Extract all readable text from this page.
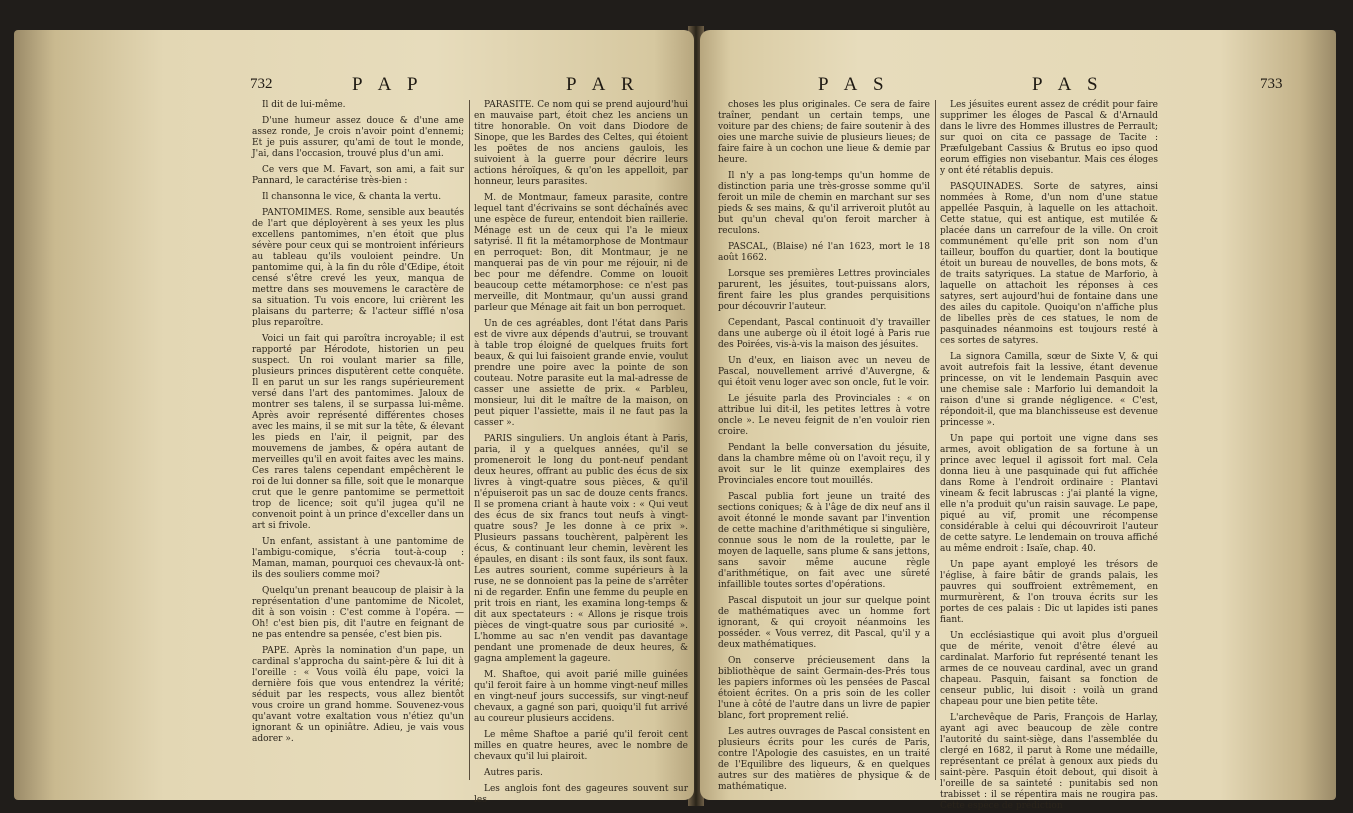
732	P A P	P A R

Il dit de lui-même.

D'une humeur assez douce & d'une ame assez ronde, Je crois n'avoir point d'ennemi; Et je puis assurer, qu'ami de tout le monde, J'ai, dans l'occasion, trouvé plus d'un ami.

Ce vers que M. Favart, son ami, a fait sur Pannard, le caractérise très-bien :

Il chansonna le vice, & chanta la vertu.

PANTOMIMES. Rome, sensible aux beautés de l'art que déployèrent à ses yeux les plus excellens pantomimes, n'en étoit que plus sévère pour ceux qui se montroient inférieurs au tableau qu'ils vouloient peindre. Un pantomime qui, à la fin du rôle d'Œdipe, étoit censé s'être crevé les yeux, manqua de mettre dans ses mouvemens le caractère de sa situation. Tu vois encore, lui crièrent les plaisans du parterre; & l'acteur sifflé n'osa plus reparoître.

Voici un fait qui paroîtra incroyable; il est rapporté par Hérodote, historien un peu suspect. Un roi voulant marier sa fille, plusieurs princes disputèrent cette conquête. Il en parut un sur les rangs supérieurement versé dans l'art des pantomimes. Jaloux de montrer ses talens, il se surpassa lui-même. Après avoir représenté différentes choses avec les mains, il se mit sur la tête, & élevant les pieds en l'air, il peignit, par des mouvemens de jambes, & opéra autant de merveilles qu'il en avoit faites avec les mains. Ces rares talens cependant empêchèrent le roi de lui donner sa fille, soit que le monarque crut que le genre pantomime se permettoit trop de licence; soit qu'il jugea qu'il ne convenoit point à un prince d'exceller dans un art si frivole.

Un enfant, assistant à une pantomime de l'ambigu-comique, s'écria tout-à-coup : Maman, maman, pourquoi ces chevaux-là ont-ils des souliers comme moi?

Quelqu'un prenant beaucoup de plaisir à la représentation d'une pantomime de Nicolet, dit à son voisin : C'est comme à l'opéra. — Oh! c'est bien pis, dit l'autre en feignant de ne pas entendre sa pensée, c'est bien pis.

PAPE. Après la nomination d'un pape, un cardinal s'approcha du saint-père & lui dit à l'oreille : « Vous voilà élu pape, voici la dernière fois que vous entendrez la vérité; séduit par les respects, vous allez bientôt vous croire un grand homme. Souvenez-vous qu'avant votre exaltation vous n'étiez qu'un ignorant & un opiniâtre. Adieu, je vais vous adorer ».

PARASITE. Ce nom qui se prend aujourd'hui en mauvaise part, étoit chez les anciens un titre honorable. On voit dans Diodore de Sinope, que les Bardes des Celtes, qui étoient les poëtes de nos anciens gaulois, les suivoient à la guerre pour décrire leurs actions héroïques, & qu'on les appelloit, par honneur, leurs parasites.

M. de Montmaur, fameux parasite, contre lequel tant d'écrivains se sont déchaînés avec une espèce de fureur, entendoit bien raillerie. Ménage est un de ceux qui l'a le mieux satyrisé. Il fit la métamorphose de Montmaur en perroquet: Bon, dit Montmaur, je ne manquerai pas de vin pour me réjouir, ni de bec pour me défendre. Comme on louoit beaucoup cette métamorphose: ce n'est pas merveille, dit Montmaur, qu'un aussi grand parleur que Ménage ait fait un bon perroquet.

Un de ces agréables, dont l'état dans Paris est de vivre aux dépends d'autrui, se trouvant à table trop éloigné de quelques fruits fort beaux, & qui lui faisoient grande envie, voulut prendre une poire avec la pointe de son couteau. Notre parasite eut la mal-adresse de casser une assiette de prix. « Parbleu, monsieur, lui dit le maître de la maison, on peut piquer l'assiette, mais il ne faut pas la casser ».

PARIS singuliers. Un anglois étant à Paris, paria, il y a quelques années, qu'il se promeneroit le long du pont-neuf pendant deux heures, offrant au public des écus de six livres à vingt-quatre sous pièces, & qu'il n'épuiseroit pas un sac de douze cents francs. Il se promena criant à haute voix : « Qui veut des écus de six francs tout neufs à vingt-quatre sous? Je les donne à ce prix ». Plusieurs passans touchèrent, palpèrent les écus, & continuant leur chemin, levèrent les épaules, en disant : ils sont faux, ils sont faux. Les autres sourient, comme supérieurs à la ruse, ne se donnoient pas la peine de s'arrêter ni de regarder. Enfin une femme du peuple en prit trois en riant, les examina long-temps & dit aux spectateurs : « Allons je risque trois pièces de vingt-quatre sous par curiosité ». L'homme au sac n'en vendit pas davantage pendant une promenade de deux heures, & gagna amplement la gageure.

M. Shaftoe, qui avoit parié mille guinées qu'il feroit faire à un homme vingt-neuf milles en vingt-neuf jours successifs, sur vingt-neuf chevaux, a gagné son pari, quoiqu'il fut arrivé au coureur plusieurs accidens.

Le même Shaftoe a parié qu'il feroit cent milles en quatre heures, avec le nombre de chevaux qu'il lui plairoit.

Autres paris.

Les anglois font des gageures souvent sur les

P A S	P A S	733

choses les plus originales. Ce sera de faire traîner, pendant un certain temps, une voiture par des chiens; de faire soutenir à des oies une marche suivie de plusieurs lieues; de faire faire à un cochon une lieue & demie par heure.

Il n'y a pas long-temps qu'un homme de distinction paria une très-grosse somme qu'il feroit un mile de chemin en marchant sur ses pieds & ses mains, & qu'il arriveroit plutôt au but qu'un cheval qu'on feroit marcher à reculons.

PASCAL, (Blaise) né l'an 1623, mort le 18 août 1662.

Lorsque ses premières Lettres provinciales parurent, les jésuites, tout-puissans alors, firent faire les plus grandes perquisitions pour découvrir l'auteur.

Cependant, Pascal continuoit d'y travailler dans une auberge où il étoit logé à Paris rue des Poirées, vis-à-vis la maison des jésuites.

Un d'eux, en liaison avec un neveu de Pascal, nouvellement arrivé d'Auvergne, & qui étoit venu loger avec son oncle, fut le voir.

Le jésuite parla des Provinciales : « on attribue lui dit-il, les petites lettres à votre oncle ». Le neveu feignit de n'en vouloir rien croire.

Pendant la belle conversation du jésuite, dans la chambre même où on l'avoit reçu, il y avoit sur le lit quinze exemplaires des Provinciales encore tout mouillés.

Pascal publia fort jeune un traité des sections coniques; & à l'âge de dix neuf ans il avoit étonné le monde savant par l'invention de cette machine d'arithmétique si singulière, connue sous le nom de la roulette, par le moyen de laquelle, sans plume & sans jettons, sans savoir même aucune règle d'arithmétique, on fait avec une sûreté infaillible toutes sortes d'opérations.

Pascal disputoit un jour sur quelque point de mathématiques avec un homme fort ignorant, & qui croyoit néanmoins les posséder. « Vous verrez, dit Pascal, qu'il y a deux mathématiques.

On conserve précieusement dans la bibliothèque de saint Germain-des-Prés tous les papiers informes où les pensées de Pascal étoient écrites. On a pris soin de les coller l'une à côté de l'autre dans un livre de papier blanc, fort proprement relié.

Les autres ouvrages de Pascal consistent en plusieurs écrits pour les curés de Paris, contre l'Apologie des casuistes, en un traité de l'Equilibre des liqueurs, & en quelques autres sur des matières de physique & de mathématique.

Les jésuites eurent assez de crédit pour faire supprimer les éloges de Pascal & d'Arnauld dans le livre des Hommes illustres de Perrault; sur quoi on cita ce passage de Tacite : Præfulgebant Cassius & Brutus eo ipso quod eorum effigies non visebantur. Mais ces éloges y ont été rétablis depuis.

PASQUINADES. Sorte de satyres, ainsi nommées à Rome, d'un nom d'une statue appellée Pasquin, à laquelle on les attachoit. Cette statue, qui est antique, est mutilée & placée dans un carrefour de la ville. On croit communément qu'elle prit son nom d'un tailleur, bouffon du quartier, dont la boutique étoit un bureau de nouvelles, de bons mots, & de traits satyriques. La statue de Marforio, à laquelle on attachoit les réponses à ces satyres, sert aujourd'hui de fontaine dans une des ailes du capitole. Quoiqu'on n'affiche plus de libelles près de ces statues, le nom de pasquinades néanmoins est toujours resté à ces sortes de satyres.

La signora Camilla, sœur de Sixte V, & qui avoit autrefois fait la lessive, étant devenue princesse, on vit le lendemain Pasquin avec une chemise sale : Marforio lui demandoit la raison d'une si grande négligence. « C'est, répondoit-il, que ma blanchisseuse est devenue princesse ».

Un pape qui portoit une vigne dans ses armes, avoit obligation de sa fortune à un prince avec lequel il agissoit fort mal. Cela donna lieu à une pasquinade qui fut affichée dans Rome à l'endroit ordinaire : Plantavi vineam & fecit labruscas : j'ai planté la vigne, elle n'a produit qu'un raisin sauvage. Le pape, piqué au vif, promit une récompense considérable à celui qui découvriroit l'auteur de cette satyre. Le lendemain on trouva affiché au même endroit : Isaïe, chap. 40.

Un pape ayant employé les trésors de l'église, à faire bâtir de grands palais, les pauvres qui souffroient extrêmement, en murmurèrent, & l'on trouva écrits sur les portes de ces palais : Dic ut lapides isti panes fiant.

Un ecclésiastique qui avoit plus d'orgueil que de mérite, venoit d'être élevé au cardinalat. Marforio fut représenté tenant les armes de ce nouveau cardinal, avec un grand chapeau. Pasquin, faisant sa fonction de censeur public, lui disoit : voilà un grand chapeau pour une bien petite tête.

L'archevêque de Paris, François de Harlay, ayant agi avec beaucoup de zèle contre l'autorité du saint-siège, dans l'assemblée du clergé en 1682, il parut à Rome une médaille, représentant ce prélat à genoux aux pieds du saint-père. Pasquin étoit debout, qui disoit à l'oreille de sa sainteté : punitabis sed non trabisset : il se répentira mais ne rougira pas. Cette espèce de prédiction
